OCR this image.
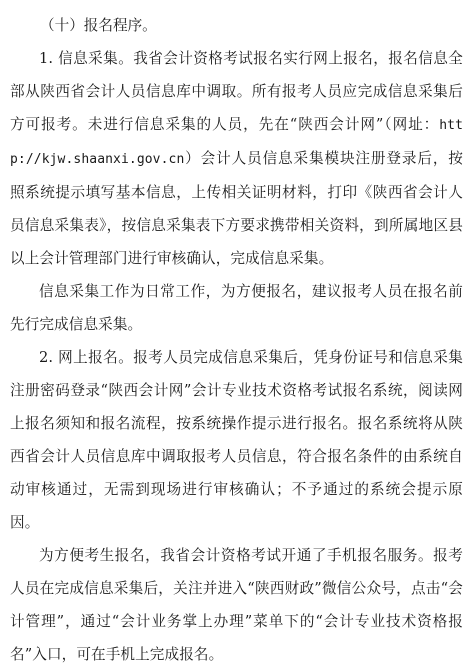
（十）报名程序。

1. 信息采集。我省会计资格考试报名实行网上报名，报名信息全部从陕西省会计人员信息库中调取。所有报考人员应完成信息采集后方可报考。未进行信息采集的人员，先在“陕西会计网”（网址：http://kjw.shaanxi.gov.cn）会计人员信息采集模块注册登录后，按照系统提示填写基本信息，上传相关证明材料，打印《陕西省会计人员信息采集表》，按信息采集表下方要求携带相关资料，到所属地区县以上会计管理部门进行审核确认，完成信息采集。

信息采集工作为日常工作，为方便报名，建议报考人员在报名前先行完成信息采集。

2. 网上报名。报考人员完成信息采集后，凭身份证号和信息采集注册密码登录“陕西会计网”会计专业技术资格考试报名系统，阅读网上报名须知和报名流程，按系统操作提示进行报名。报名系统将从陕西省会计人员信息库中调取报考人员信息，符合报名条件的由系统自动审核通过，无需到现场进行审核确认；不予通过的系统会提示原因。

为方便考生报名，我省会计资格考试开通了手机报名服务。报考人员在完成信息采集后，关注并进入“陕西财政”微信公众号，点击“会计管理”，通过“会计业务掌上办理”菜单下的“会计专业技术资格报名”入口，可在手机上完成报名。
